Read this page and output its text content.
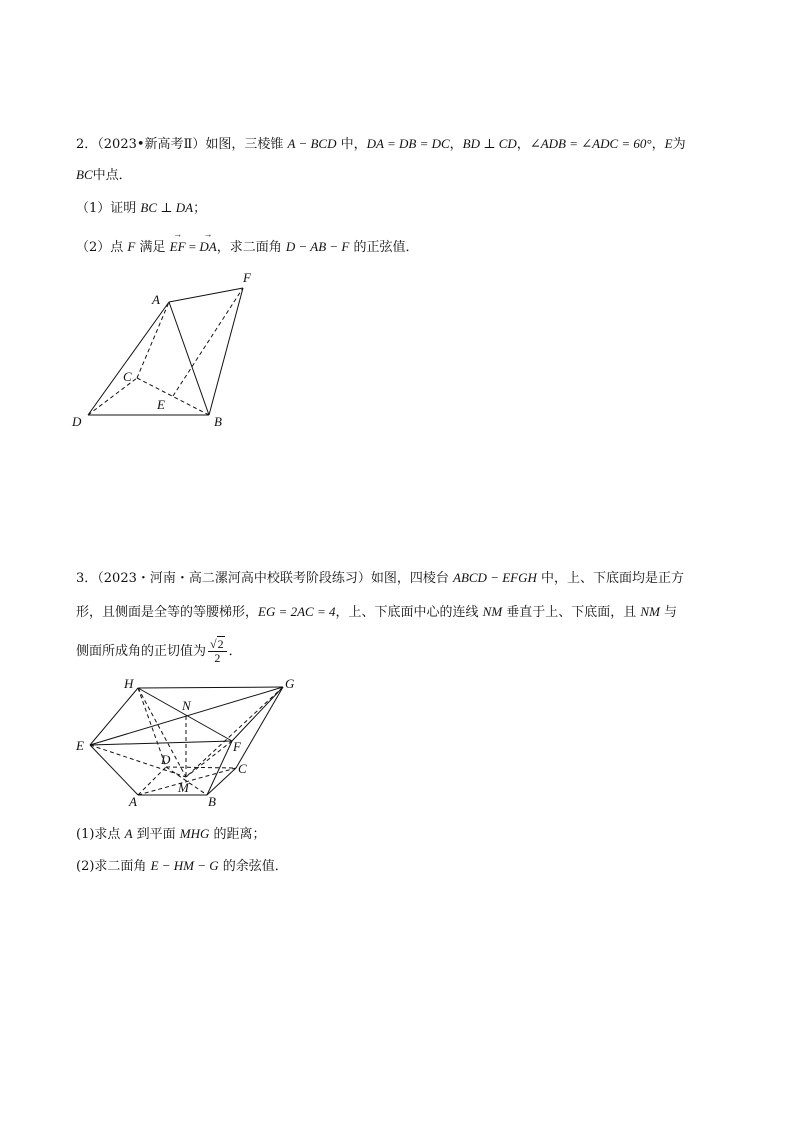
2．（2023•新高考Ⅱ）如图，三棱锥 A − BCD 中，DA = DB = DC，BD ⊥ CD，∠ADB = ∠ADC = 60°，E为
BC中点．
（1）证明 BC ⊥ DA；
（2）点 F 满足 → EF = → DA，求二面角 D − AB − F 的正弦值．
A
F
C
E
D	B
3．（2023・河南・高二漯河高中校联考阶段练习）如图，四棱台 ABCD − EFGH 中，上、下底面均是正方
形，且侧面是全等的等腰梯形，EG = 2AC = 4，上、下底面中心的连线 NM 垂直于上、下底面，且 NM 与
侧面所成角的正切值为 $\frac{√2}{2}$ ．
H	G
N
E	F
D
C
M
A	B
(1)求点 A 到平面 MHG 的距离；
(2)求二面角 E − HM − G 的余弦值．
